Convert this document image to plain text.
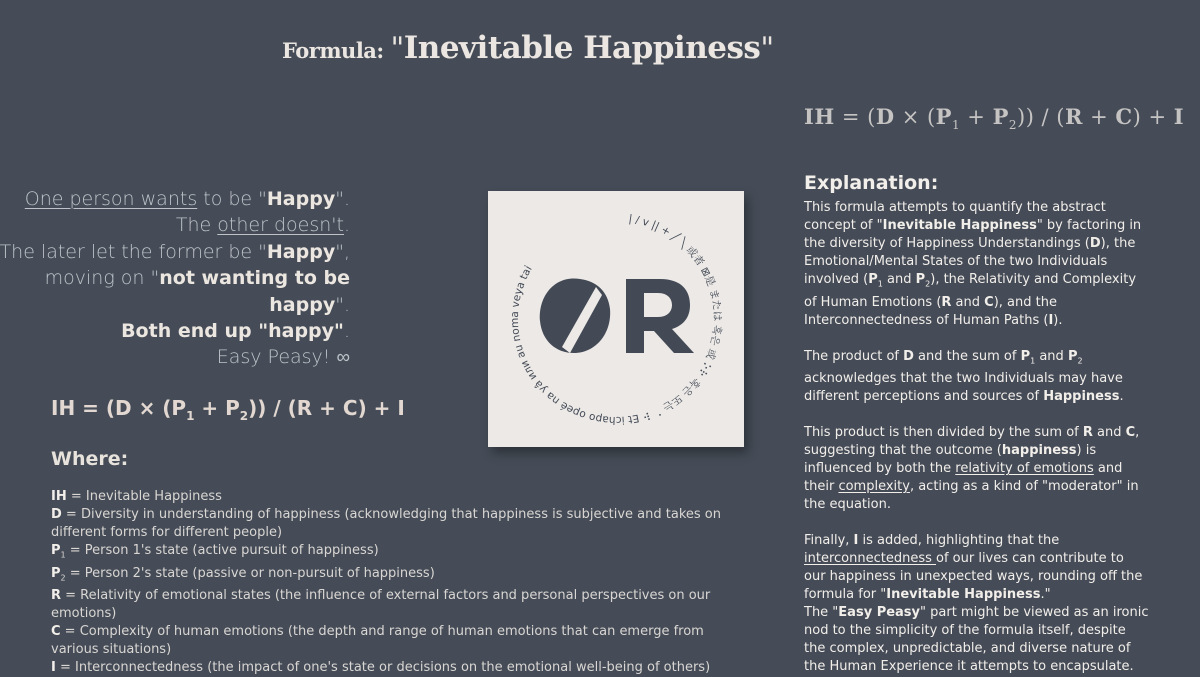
Formula: "Inevitable Happiness"
IH = $(D \times (P_1 + P_2)) / (R + C) + I$
One person wants to be "Happy".
The other doesn't.
The later let the former be "Happy",
moving on "not wanting to be
happy".
Both end up "happy".
Easy Peasy! ∞
IH = $(D \times (P_1 + P_2)) / (R + C) + I$
Where:
IH = Inevitable Happiness
D = Diversity in understanding of happiness (acknowledging that happiness is subjective and takes on different forms for different people)
$P_1$ = Person 1's state (active pursuit of happiness)
$P_2$ = Person 2's state (passive or non-pursuit of happiness)
R = Relativity of emotional states (the influence of external factors and personal perspectives on our emotions)
C = Complexity of human emotions (the depth and range of human emotions that can emerge from various situations)
I = Interconnectedness (the impact of one's state or decisions on the emotional well-being of others)
| / v || + ╱ ╲ 或者 ⊠是 または 혹은 或 ⠕⠗ 혹은 또는 ⠁ ⠗ Et ichapo opeé na yâ или au noma veya tai
Explanation:

This formula attempts to quantify the abstract concept of "Inevitable Happiness" by factoring in the diversity of Happiness Understandings (D), the Emotional/Mental States of the two Individuals involved ($P_1$ and $P_2$), the Relativity and Complexity of Human Emotions (R and C), and the Interconnectedness of Human Paths (I).

The product of D and the sum of $P_1$ and $P_2$ acknowledges that the two Individuals may have different perceptions and sources of Happiness.

This product is then divided by the sum of R and C, suggesting that the outcome (happiness) is influenced by both the relativity of emotions and their complexity, acting as a kind of "moderator" in the equation.

Finally, I is added, highlighting that the interconnectedness of our lives can contribute to our happiness in unexpected ways, rounding off the formula for "Inevitable Happiness."

The "Easy Peasy" part might be viewed as an ironic nod to the simplicity of the formula itself, despite the complex, unpredictable, and diverse nature of the Human Experience it attempts to encapsulate.
